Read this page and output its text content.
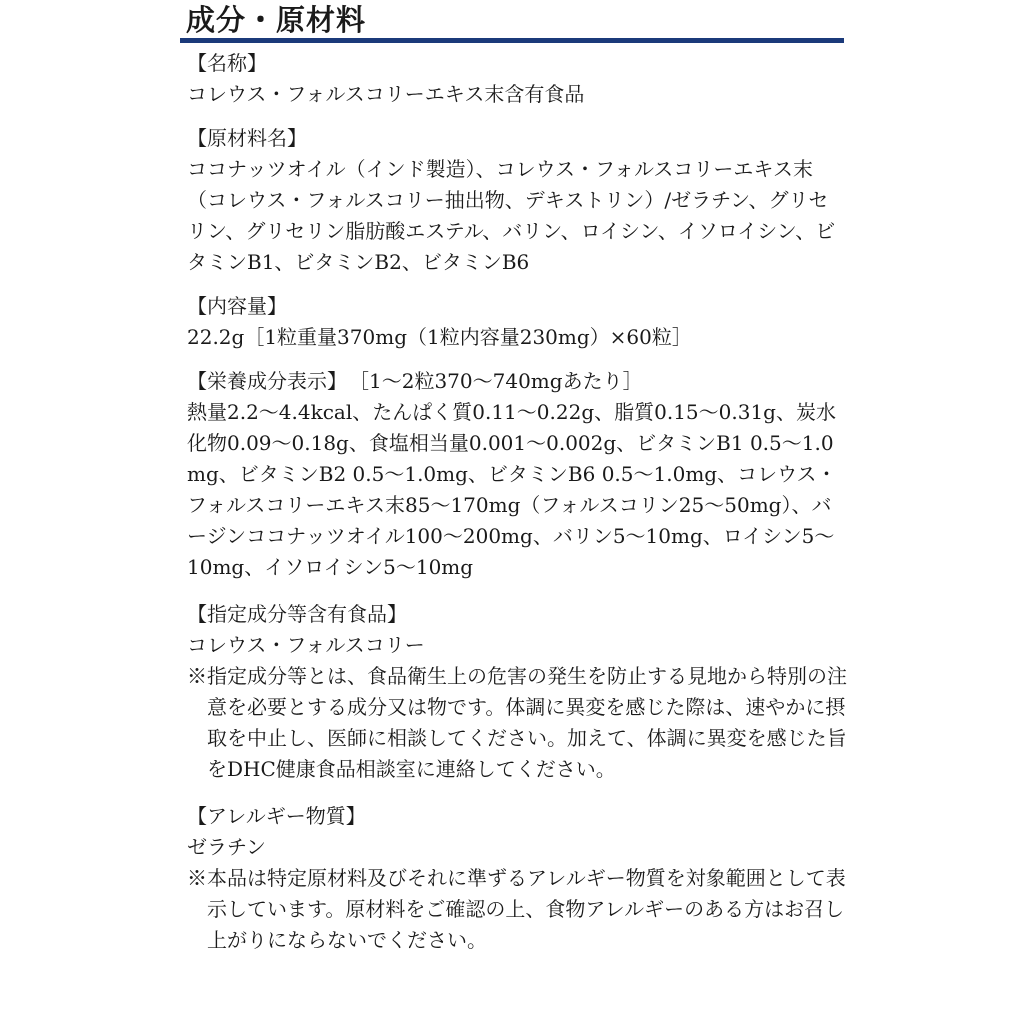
成分・原材料

【名称】

コレウス・フォルスコリーエキス末含有食品

【原材料名】

ココナッツオイル（インド製造）、コレウス・フォルスコリーエキス末（コレウス・フォルスコリー抽出物、デキストリン）/ゼラチン、グリセリン、グリセリン脂肪酸エステル、バリン、ロイシン、イソロイシン、ビタミンB1、ビタミンB2、ビタミンB6

【内容量】

22.2g［1粒重量370mg（1粒内容量230mg）×60粒］

【栄養成分表示】 ［1～2粒370～740mgあたり］

熱量2.2～4.4kcal、たんぱく質0.11～0.22g、脂質0.15～0.31g、炭水化物0.09～0.18g、食塩相当量0.001～0.002g、ビタミンB1 0.5～1.0mg、ビタミンB2 0.5～1.0mg、ビタミンB6 0.5～1.0mg、コレウス・フォルスコリーエキス末85～170mg（フォルスコリン25～50mg）、バージンココナッツオイル100～200mg、バリン5～10mg、ロイシン5～10mg、イソロイシン5～10mg

【指定成分等含有食品】

コレウス・フォルスコリー

※指定成分等とは、食品衛生上の危害の発生を防止する見地から特別の注意を必要とする成分又は物です。体調に異変を感じた際は、速やかに摂取を中止し、医師に相談してください。加えて、体調に異変を感じた旨をDHC健康食品相談室に連絡してください。

【アレルギー物質】

ゼラチン

※本品は特定原材料及びそれに準ずるアレルギー物質を対象範囲として表示しています。原材料をご確認の上、食物アレルギーのある方はお召し上がりにならないでください。
